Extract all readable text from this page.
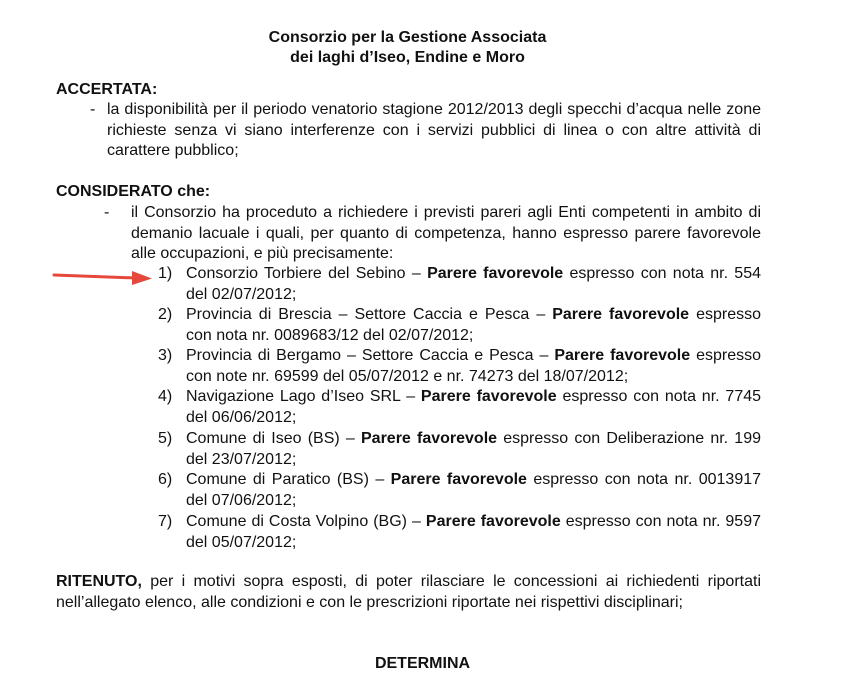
Consorzio per la Gestione Associata
dei laghi d’Iseo, Endine e Moro
ACCERTATA:
- la disponibilità per il periodo venatorio stagione 2012/2013 degli specchi d’acqua nelle zone richieste senza vi siano interferenze con i servizi pubblici di linea o con altre attività di carattere pubblico;
CONSIDERATO che:
- il Consorzio ha proceduto a richiedere i previsti pareri agli Enti competenti in ambito di demanio lacuale i quali, per quanto di competenza, hanno espresso parere favorevole alle occupazioni, e più precisamente:
1) Consorzio Torbiere del Sebino – Parere favorevole espresso con nota nr. 554 del 02/07/2012;
2) Provincia di Brescia – Settore Caccia e Pesca – Parere favorevole espresso con nota nr. 0089683/12 del 02/07/2012;
3) Provincia di Bergamo – Settore Caccia e Pesca – Parere favorevole espresso con note nr. 69599 del 05/07/2012 e nr. 74273 del 18/07/2012;
4) Navigazione Lago d’Iseo SRL – Parere favorevole espresso con nota nr. 7745 del 06/06/2012;
5) Comune di Iseo (BS) – Parere favorevole espresso con Deliberazione nr. 199 del 23/07/2012;
6) Comune di Paratico (BS) – Parere favorevole espresso con nota nr. 0013917 del 07/06/2012;
7) Comune di Costa Volpino (BG) – Parere favorevole espresso con nota nr. 9597 del 05/07/2012;
RITENUTO, per i motivi sopra esposti, di poter rilasciare le concessioni ai richiedenti riportati nell’allegato elenco, alle condizioni e con le prescrizioni riportate nei rispettivi disciplinari;
DETERMINA
